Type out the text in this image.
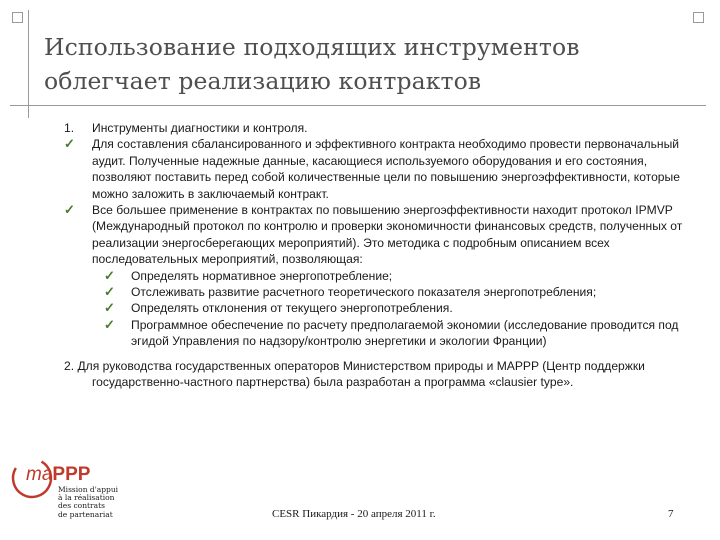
Использование подходящих инструментов
облегчает реализацию контрактов
1. Инструменты диагностики и контроля.
✓ Для составления сбалансированного и эффективного контракта необходимо провести первоначальный аудит. Полученные надежные данные, касающиеся используемого оборудования и его состояния, позволяют поставить перед собой количественные цели по повышению энергоэффективности, которые можно заложить в заключаемый контракт.
✓ Все большее применение в контрактах по повышению энергоэффективности находит протокол IPMVP (Международный протокол по контролю и проверки экономичности финансовых средств, полученных от реализации энергосберегающих мероприятий). Это методика с подробным описанием всех последовательных мероприятий, позволяющая:
✓ Определять нормативное энергопотребление;
✓ Отслеживать развитие расчетного теоретического показателя энергопотребления;
✓ Определять отклонения от текущего энергопотребления.
✓ Программное обеспечение по расчету предполагаемой экономии (исследование проводится под эгидой Управления по надзору/контролю энергетики и экологии Франции)
2. Для руководства государственных операторов Министерством природы и MAPPP (Центр поддержки государственно-частного партнерства) была разработан а программа «clausier type».
maPPP
Mission d'appui
à la réalisation
des contrats
de partenariat	CESR Пикардия - 20 апреля 2011 г.	7
